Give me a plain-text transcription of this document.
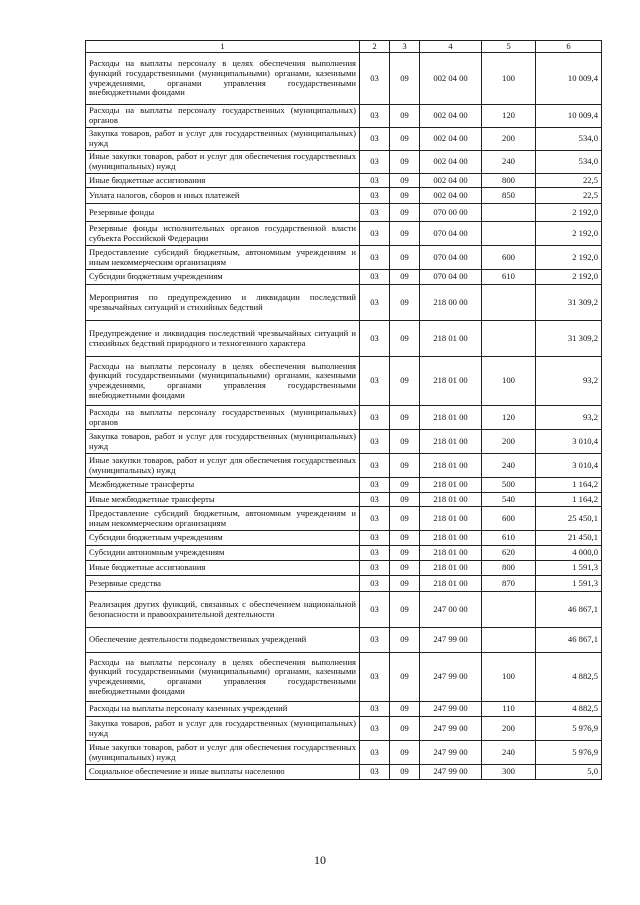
1	2	3	4	5	6
Расходы на выплаты персоналу в целях обеспечения выполнения функций государственными (муниципальными) органами, казенными учреждениями, органами управления государственными внебюджетными фондами	03	09	002 04 00	100	10 009,4
Расходы на выплаты персоналу государственных (муниципальных) органов	03	09	002 04 00	120	10 009,4
Закупка товаров, работ и услуг для государственных (муниципальных) нужд	03	09	002 04 00	200	534,0
Иные закупки товаров, работ и услуг для обеспечения государственных (муниципальных) нужд	03	09	002 04 00	240	534,0
Иные бюджетные ассигнования	03	09	002 04 00	800	22,5
Уплата налогов, сборов и иных платежей	03	09	002 04 00	850	22,5
Резервные фонды	03	09	070 00 00		2 192,0
Резервные фонды исполнительных органов государственной власти субъекта Российской Федерации	03	09	070 04 00		2 192,0
Предоставление субсидий бюджетным, автономным учреждениям и иным некоммерческим организациям	03	09	070 04 00	600	2 192,0
Субсидии бюджетным учреждениям	03	09	070 04 00	610	2 192,0
Мероприятия по предупреждению и ликвидации последствий чрезвычайных ситуаций и стихийных бедствий	03	09	218 00 00		31 309,2
Предупреждение и ликвидация последствий чрезвычайных ситуаций и стихийных бедствий природного и техногенного характера	03	09	218 01 00		31 309,2
Расходы на выплаты персоналу в целях обеспечения выполнения функций государственными (муниципальными) органами, казенными учреждениями, органами управления государственными внебюджетными фондами	03	09	218 01 00	100	93,2
Расходы на выплаты персоналу государственных (муниципальных) органов	03	09	218 01 00	120	93,2
Закупка товаров, работ и услуг для государственных (муниципальных) нужд	03	09	218 01 00	200	3 010,4
Иные закупки товаров, работ и услуг для обеспечения государственных (муниципальных) нужд	03	09	218 01 00	240	3 010,4
Межбюджетные трансферты	03	09	218 01 00	500	1 164,2
Иные межбюджетные трансферты	03	09	218 01 00	540	1 164,2
Предоставление субсидий бюджетным, автономным учреждениям и иным некоммерческим организациям	03	09	218 01 00	600	25 450,1
Субсидии бюджетным учреждениям	03	09	218 01 00	610	21 450,1
Субсидии автономным учреждениям	03	09	218 01 00	620	4 000,0
Иные бюджетные ассигнования	03	09	218 01 00	800	1 591,3
Резервные средства	03	09	218 01 00	870	1 591,3
Реализация других функций, связанных с обеспечением национальной безопасности и правоохранительной деятельности	03	09	247 00 00		46 867,1
Обеспечение деятельности подведомственных учреждений	03	09	247 99 00		46 867,1
Расходы на выплаты персоналу в целях обеспечения выполнения функций государственными (муниципальными) органами, казенными учреждениями, органами управления государственными внебюджетными фондами	03	09	247 99 00	100	4 882,5
Расходы на выплаты персоналу казенных учреждений	03	09	247 99 00	110	4 882,5
Закупка товаров, работ и услуг для государственных (муниципальных) нужд	03	09	247 99 00	200	5 976,9
Иные закупки товаров, работ и услуг для обеспечения государственных (муниципальных) нужд	03	09	247 99 00	240	5 976,9
Социальное обеспечение и иные выплаты населению	03	09	247 99 00	300	5,0
10
